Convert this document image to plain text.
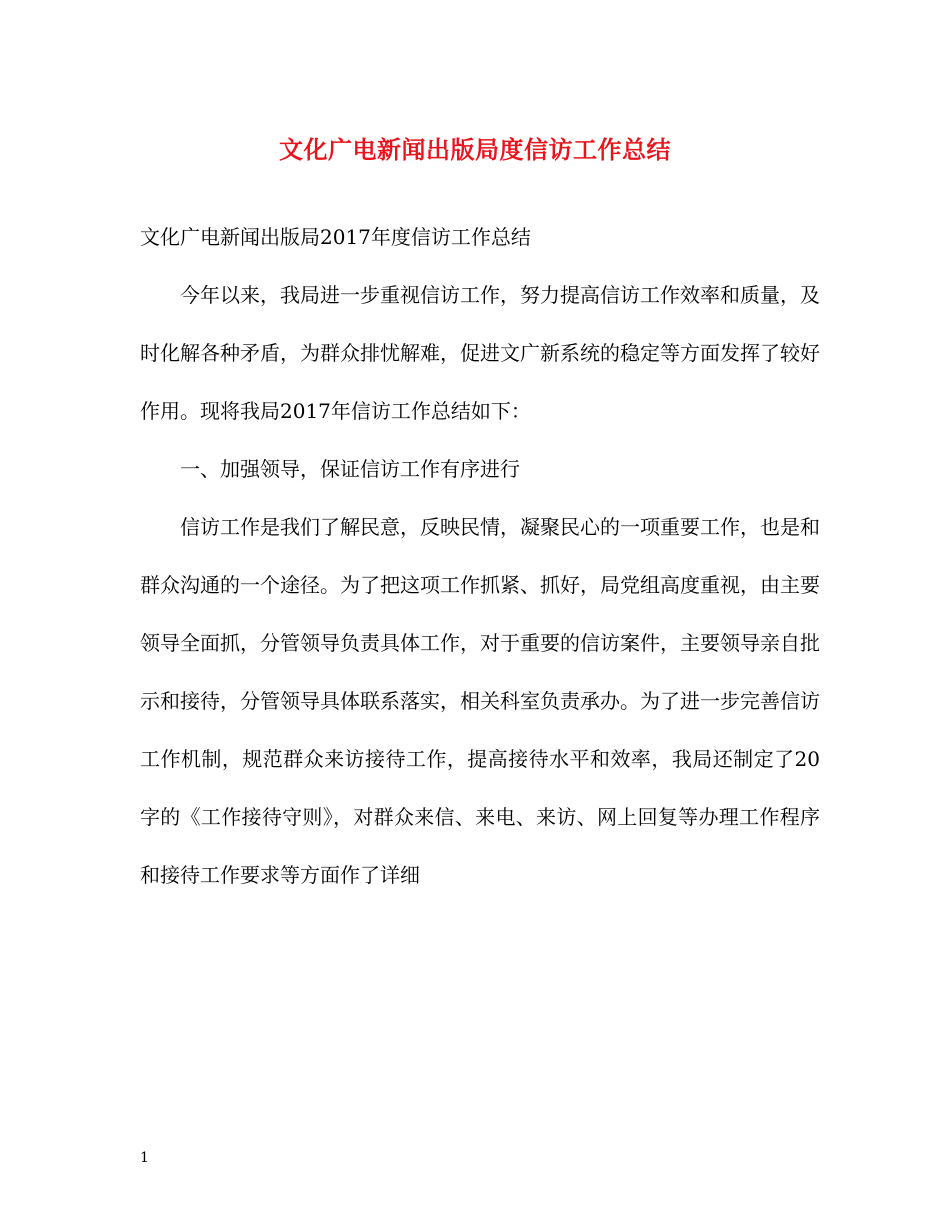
文化广电新闻出版局度信访工作总结

文化广电新闻出版局2017年度信访工作总结

今年以来，我局进一步重视信访工作，努力提高信访工作效率和质量，及时化解各种矛盾，为群众排忧解难，促进文广新系统的稳定等方面发挥了较好作用。现将我局2017年信访工作总结如下：

一、加强领导，保证信访工作有序进行

信访工作是我们了解民意，反映民情，凝聚民心的一项重要工作，也是和群众沟通的一个途径。为了把这项工作抓紧、抓好，局党组高度重视，由主要领导全面抓，分管领导负责具体工作，对于重要的信访案件，主要领导亲自批示和接待，分管领导具体联系落实，相关科室负责承办。为了进一步完善信访工作机制，规范群众来访接待工作，提高接待水平和效率，我局还制定了20字的《工作接待守则》，对群众来信、来电、来访、网上回复等办理工作程序和接待工作要求等方面作了详细

1
